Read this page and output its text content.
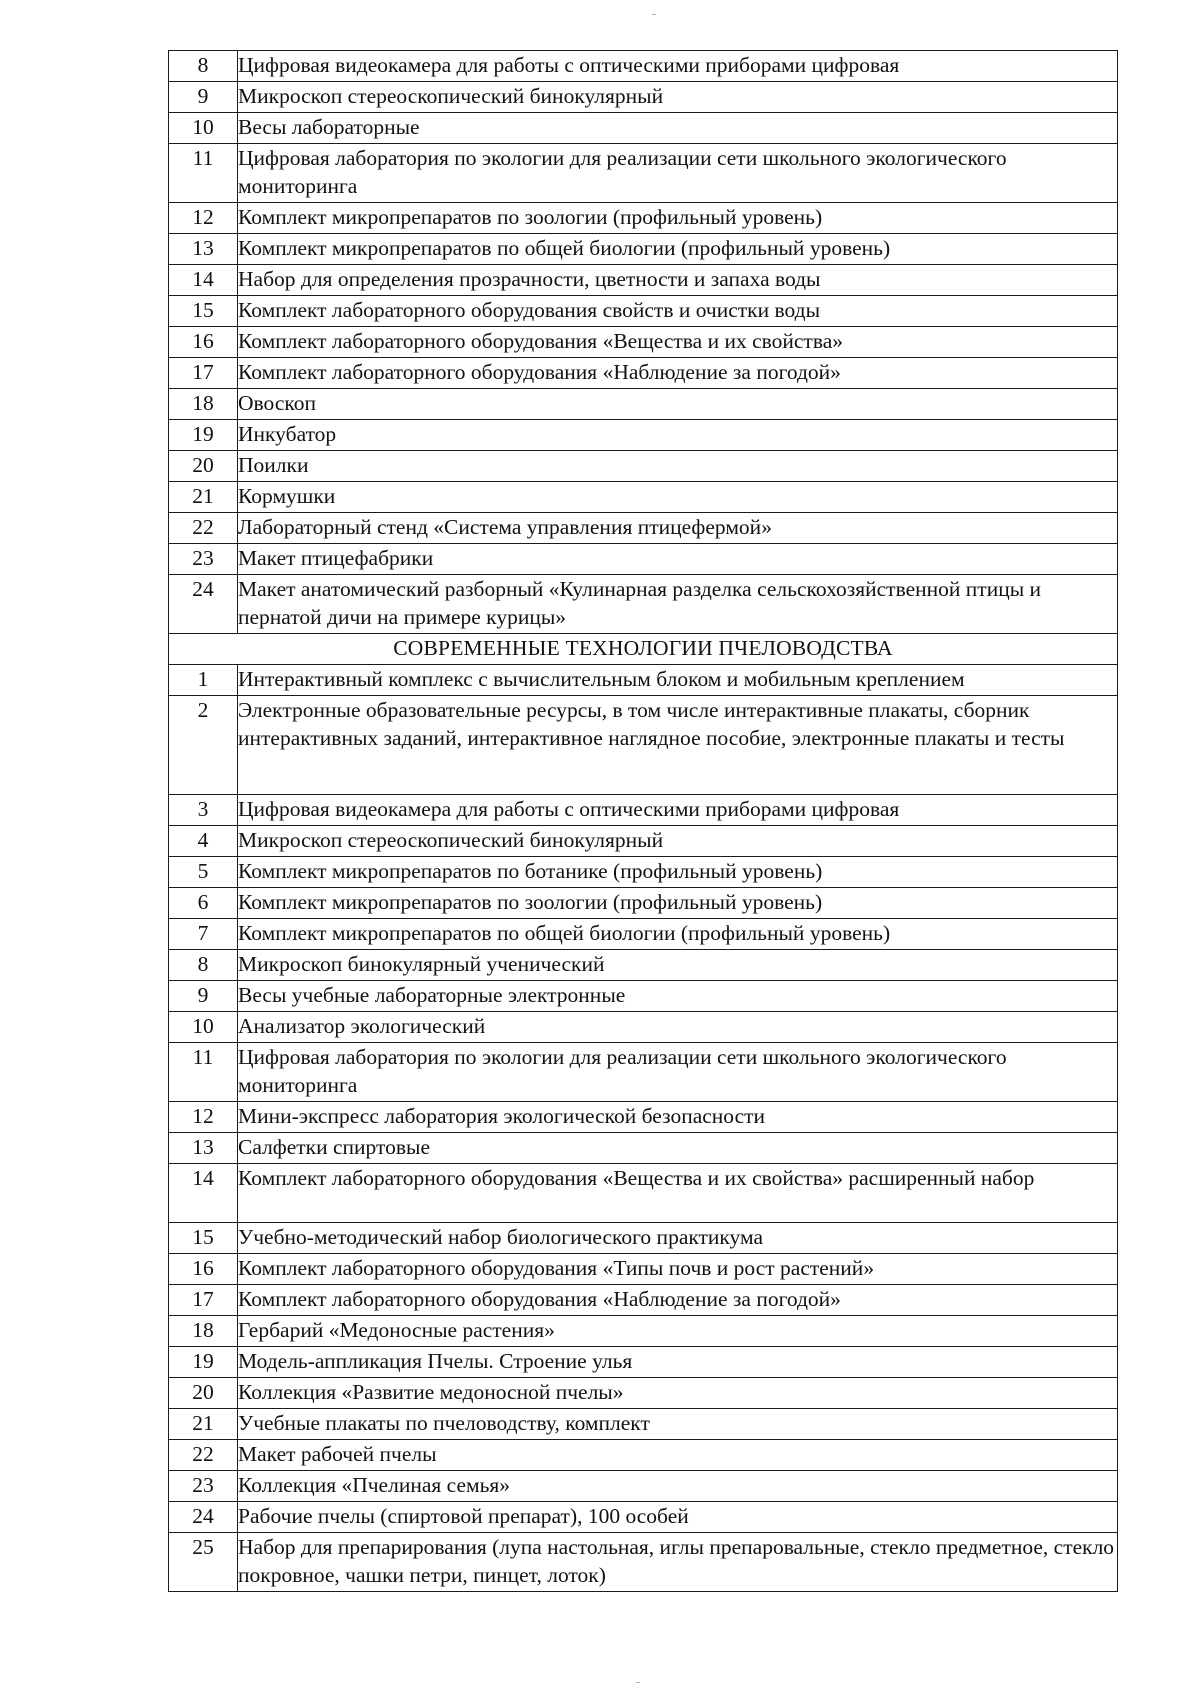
8	Цифровая видеокамера для работы с оптическими приборами цифровая
9	Микроскоп стереоскопический бинокулярный
10	Весы лабораторные
11	Цифровая лаборатория по экологии для реализации сети школьного экологического мониторинга
12	Комплект микропрепаратов по зоологии (профильный уровень)
13	Комплект микропрепаратов по общей биологии (профильный уровень)
14	Набор для определения прозрачности, цветности и запаха воды
15	Комплект лабораторного оборудования свойств и очистки воды
16	Комплект лабораторного оборудования «Вещества и их свойства»
17	Комплект лабораторного оборудования «Наблюдение за погодой»
18	Овоскоп
19	Инкубатор
20	Поилки
21	Кормушки
22	Лабораторный стенд «Система управления птицефермой»
23	Макет птицефабрики
24	Макет анатомический разборный «Кулинарная разделка сельскохозяйственной птицы и пернатой дичи на примере курицы»
СОВРЕМЕННЫЕ ТЕХНОЛОГИИ ПЧЕЛОВОДСТВА	
1	Интерактивный комплекс с вычислительным блоком и мобильным креплением
2	Электронные образовательные ресурсы, в том числе интерактивные плакаты, сборник интерактивных заданий, интерактивное наглядное пособие, электронные плакаты и тесты
3	Цифровая видеокамера для работы с оптическими приборами цифровая
4	Микроскоп стереоскопический бинокулярный
5	Комплект микропрепаратов по ботанике (профильный уровень)
6	Комплект микропрепаратов по зоологии (профильный уровень)
7	Комплект микропрепаратов по общей биологии (профильный уровень)
8	Микроскоп бинокулярный ученический
9	Весы учебные лабораторные электронные
10	Анализатор экологический
11	Цифровая лаборатория по экологии для реализации сети школьного экологического мониторинга
12	Мини-экспресс лаборатория экологической безопасности
13	Салфетки спиртовые
14	Комплект лабораторного оборудования «Вещества и их свойства» расширенный набор
15	Учебно-методический набор биологического практикума
16	Комплект лабораторного оборудования «Типы почв и рост растений»
17	Комплект лабораторного оборудования «Наблюдение за погодой»
18	Гербарий «Медоносные растения»
19	Модель-аппликация Пчелы. Строение улья
20	Коллекция «Развитие медоносной пчелы»
21	Учебные плакаты по пчеловодству, комплект
22	Макет рабочей пчелы
23	Коллекция «Пчелиная семья»
24	Рабочие пчелы (спиртовой препарат), 100 особей
25	Набор для препарирования (лупа настольная, иглы препаровальные, стекло предметное, стекло покровное, чашки петри, пинцет, лоток)
